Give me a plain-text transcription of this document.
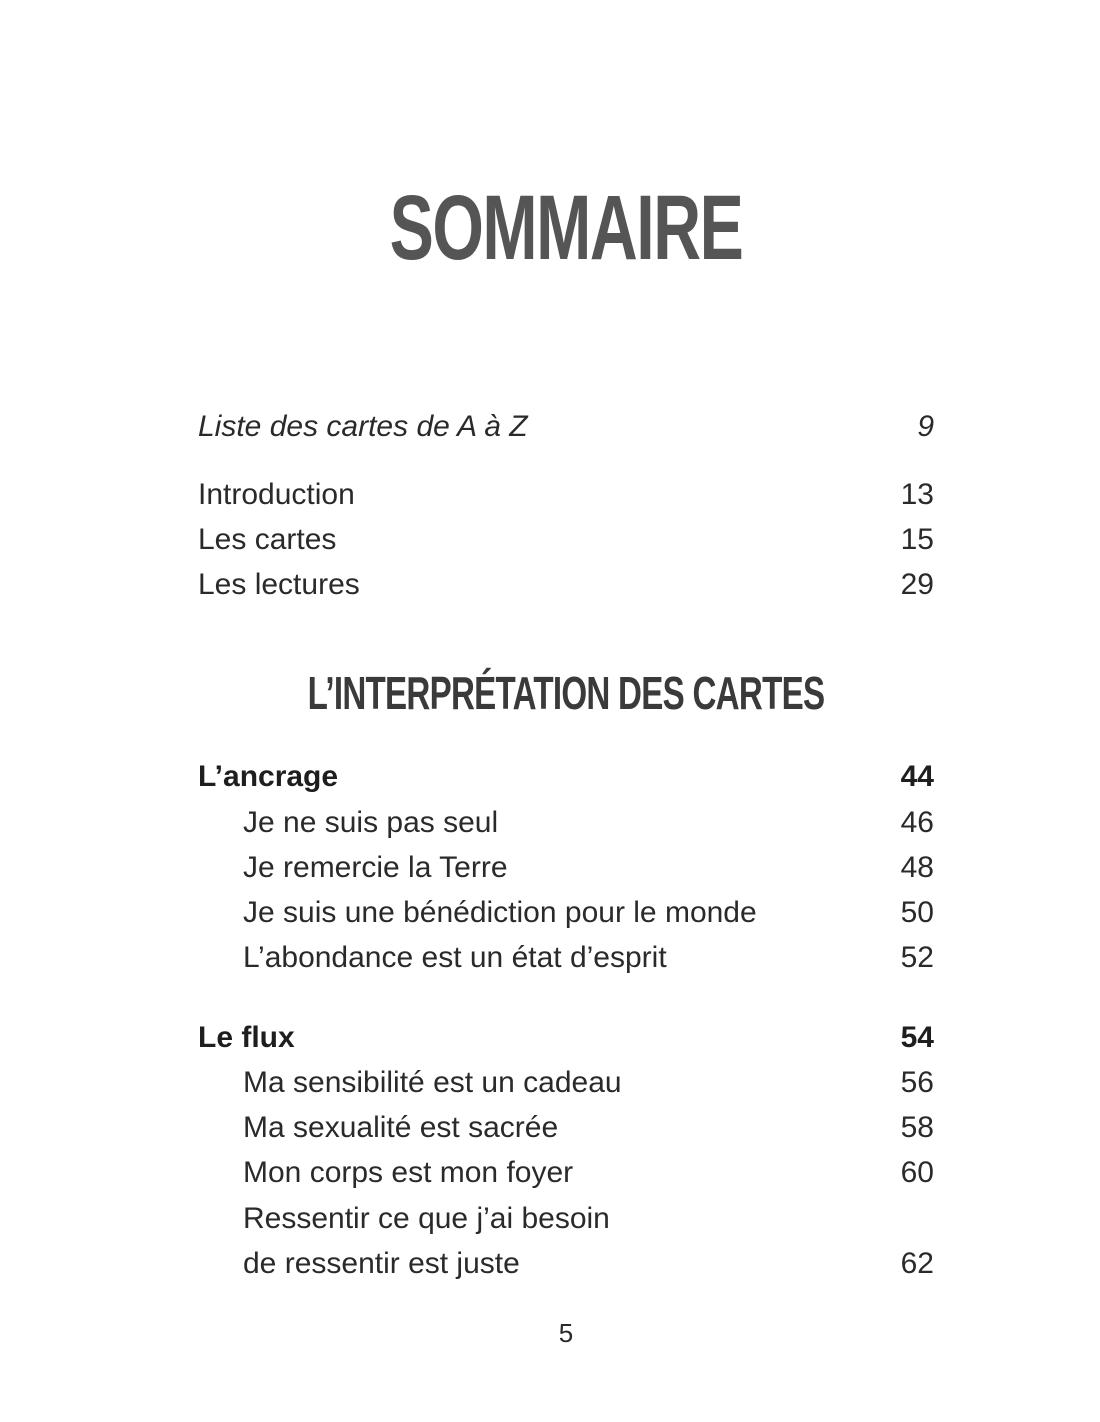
SOMMAIRE
Liste des cartes de A à Z	9
Introduction	13
Les cartes	15
Les lectures	29
L’INTERPRÉTATION DES CARTES
L’ancrage	44
Je ne suis pas seul	46
Je remercie la Terre	48
Je suis une bénédiction pour le monde	50
L’abondance est un état d’esprit	52
Le flux	54
Ma sensibilité est un cadeau	56
Ma sexualité est sacrée	58
Mon corps est mon foyer	60
Ressentir ce que j’ai besoin
de ressentir est juste	62
5
